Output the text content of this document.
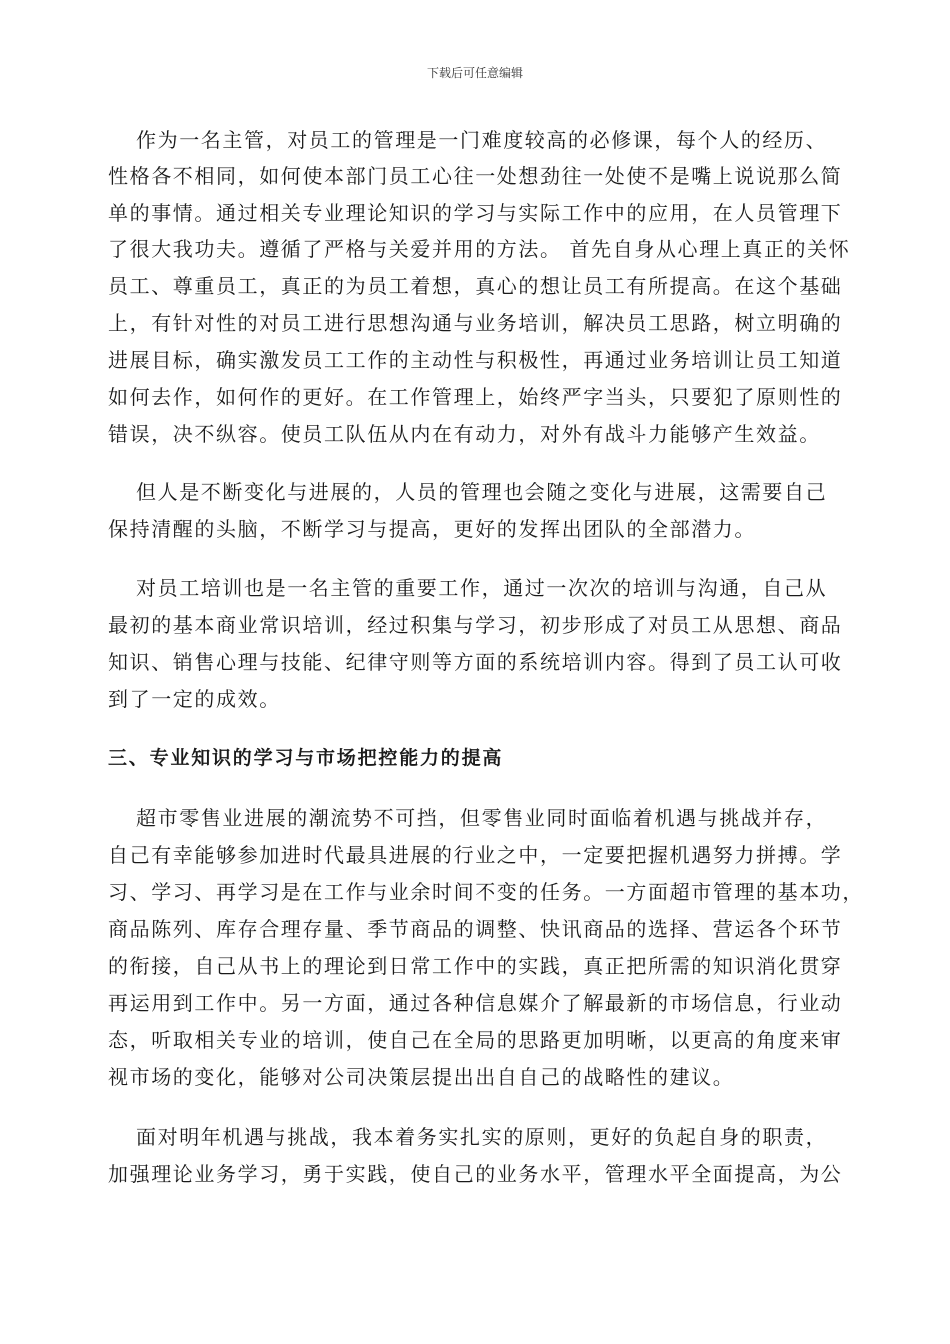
下载后可任意编辑
作为一名主管，对员工的管理是一门难度较高的必修课，每个人的经历、
性格各不相同，如何使本部门员工心往一处想劲往一处使不是嘴上说说那么简
单的事情。通过相关专业理论知识的学习与实际工作中的应用，在人员管理下
了很大我功夫。遵循了严格与关爱并用的方法。 首先自身从心理上真正的关怀
员工、尊重员工，真正的为员工着想，真心的想让员工有所提高。在这个基础
上，有针对性的对员工进行思想沟通与业务培训，解决员工思路，树立明确的
进展目标，确实激发员工工作的主动性与积极性，再通过业务培训让员工知道
如何去作，如何作的更好。在工作管理上，始终严字当头，只要犯了原则性的
错误，决不纵容。使员工队伍从内在有动力，对外有战斗力能够产生效益。
但人是不断变化与进展的，人员的管理也会随之变化与进展，这需要自己
保持清醒的头脑，不断学习与提高，更好的发挥出团队的全部潜力。
对员工培训也是一名主管的重要工作，通过一次次的培训与沟通，自己从
最初的基本商业常识培训，经过积集与学习，初步形成了对员工从思想、商品
知识、销售心理与技能、纪律守则等方面的系统培训内容。得到了员工认可收
到了一定的成效。
三、专业知识的学习与市场把控能力的提高
超市零售业进展的潮流势不可挡，但零售业同时面临着机遇与挑战并存，
自己有幸能够参加进时代最具进展的行业之中，一定要把握机遇努力拼搏。学
习、学习、再学习是在工作与业余时间不变的任务。一方面超市管理的基本功，
商品陈列、库存合理存量、季节商品的调整、快讯商品的选择、营运各个环节
的衔接，自己从书上的理论到日常工作中的实践，真正把所需的知识消化贯穿
再运用到工作中。另一方面，通过各种信息媒介了解最新的市场信息，行业动
态，听取相关专业的培训，使自己在全局的思路更加明晰，以更高的角度来审
视市场的变化，能够对公司决策层提出出自自己的战略性的建议。
面对明年机遇与挑战，我本着务实扎实的原则，更好的负起自身的职责，
加强理论业务学习，勇于实践，使自己的业务水平，管理水平全面提高，为公
